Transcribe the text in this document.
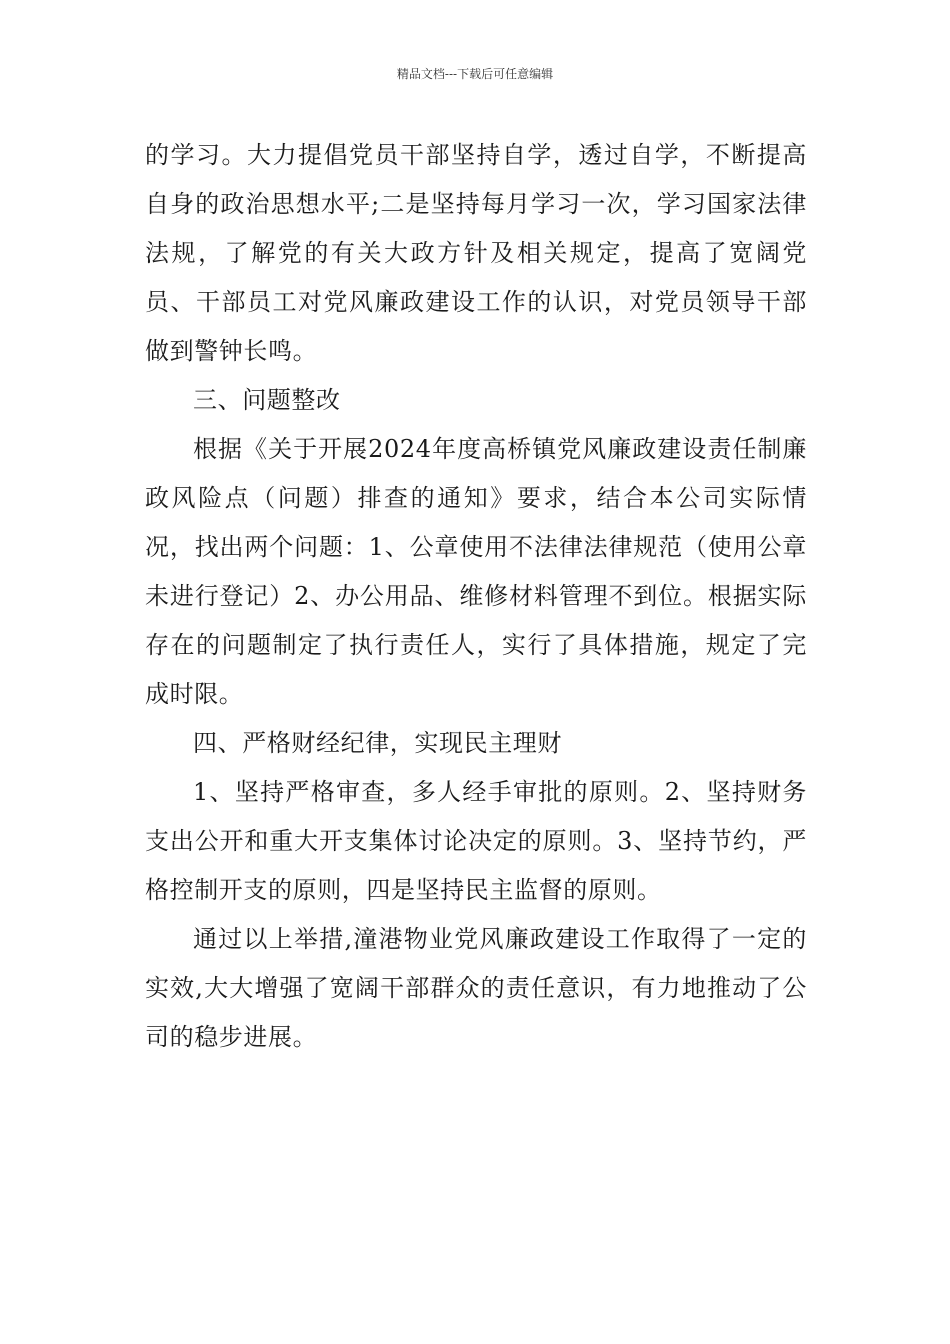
精品文档---下载后可任意编辑

的学习。大力提倡党员干部坚持自学，透过自学，不断提高自身的政治思想水平;二是坚持每月学习一次，学习国家法律法规，了解党的有关大政方针及相关规定，提高了宽阔党员、干部员工对党风廉政建设工作的认识，对党员领导干部做到警钟长鸣。

三、问题整改

根据《关于开展2024年度高桥镇党风廉政建设责任制廉政风险点（问题）排查的通知》要求，结合本公司实际情况，找出两个问题：1、公章使用不法律法律规范（使用公章未进行登记）2、办公用品、维修材料管理不到位。根据实际存在的问题制定了执行责任人，实行了具体措施，规定了完成时限。

四、严格财经纪律，实现民主理财

1、坚持严格审查，多人经手审批的原则。2、坚持财务支出公开和重大开支集体讨论决定的原则。3、坚持节约，严格控制开支的原则，四是坚持民主监督的原则。

通过以上举措,潼港物业党风廉政建设工作取得了一定的实效,大大增强了宽阔干部群众的责任意识，有力地推动了公司的稳步进展。
